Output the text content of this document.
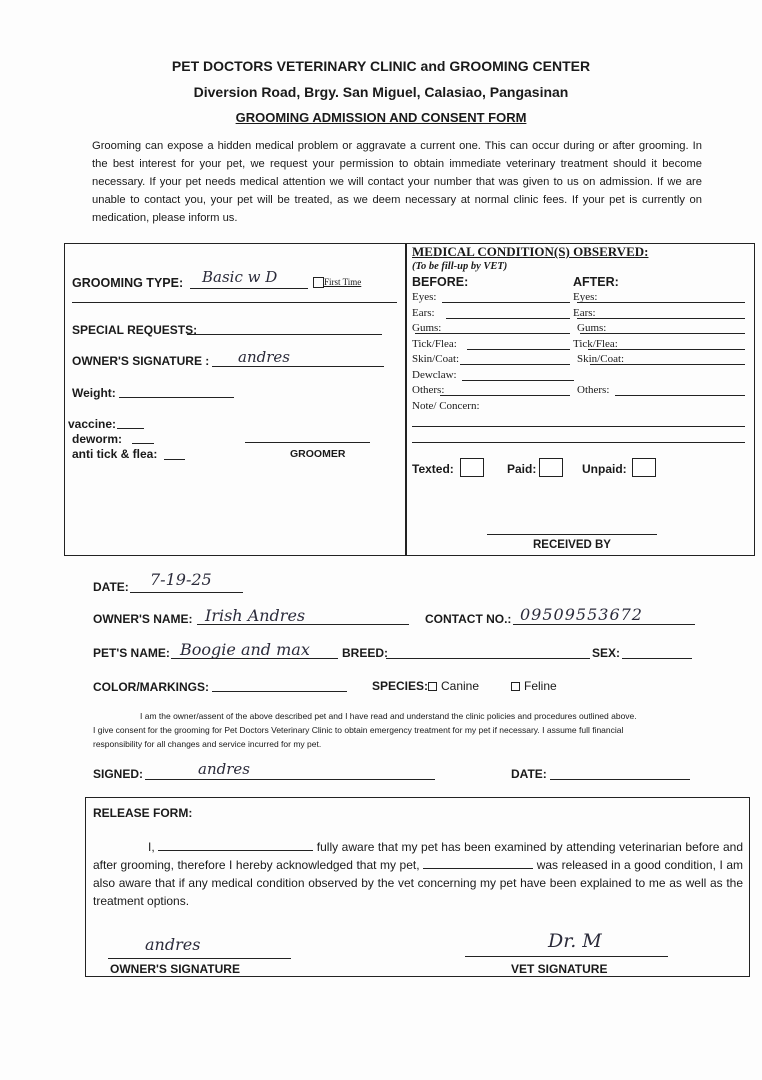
PET DOCTORS VETERINARY CLINIC and GROOMING CENTER
Diversion Road, Brgy. San Miguel, Calasiao, Pangasinan
GROOMING ADMISSION AND CONSENT FORM
Grooming can expose a hidden medical problem or aggravate a current one. This can occur during or after grooming. In the best interest for your pet, we request your permission to obtain immediate veterinary treatment should it become necessary. If your pet needs medical attention we will contact your number that was given to us on admission. If we are unable to contact you, your pet will be treated, as we deem necessary at normal clinic fees. If your pet is currently on medication, please inform us.
GROOMING TYPE: Basic w D	First Time
SPECIAL REQUESTS:
OWNER'S SIGNATURE : andres
Weight:
vaccine:
deworm:
anti tick & flea:	GROOMER
MEDICAL CONDITION(S) OBSERVED:
(To be fill-up by VET)
BEFORE:	AFTER:
Eyes:	Eyes:
Ears:	Ears:
Gums:	Gums:
Tick/Flea:	Tick/Flea:
Skin/Coat:	Skin/Coat:
Dewclaw:
Others:	Others:
Note/ Concern:
Texted:	Paid:	Unpaid:
RECEIVED BY
DATE: 7-19-25
OWNER'S NAME: Irish Andres	CONTACT NO.: 09509553672
PET'S NAME: Boogie and max	BREED:	SEX:
COLOR/MARKINGS:	SPECIES:	Canine	Feline
I am the owner/assent of the above described pet and I have read and understand the clinic policies and procedures outlined above.
I give consent for the grooming for Pet Doctors Veterinary Clinic to obtain emergency treatment for my pet if necessary. I assume full financial
responsibility for all changes and service incurred for my pet.
SIGNED:	andres	DATE:
RELEASE FORM:
I,	fully aware that my pet has been examined by attending veterinarian before and after grooming, therefore I hereby acknowledged that my pet,	was released in a good condition, I am also aware that if any medical condition observed by the vet concerning my pet have been explained to me as well as the treatment options.
andres
OWNER'S SIGNATURE
Dr. M
VET SIGNATURE
